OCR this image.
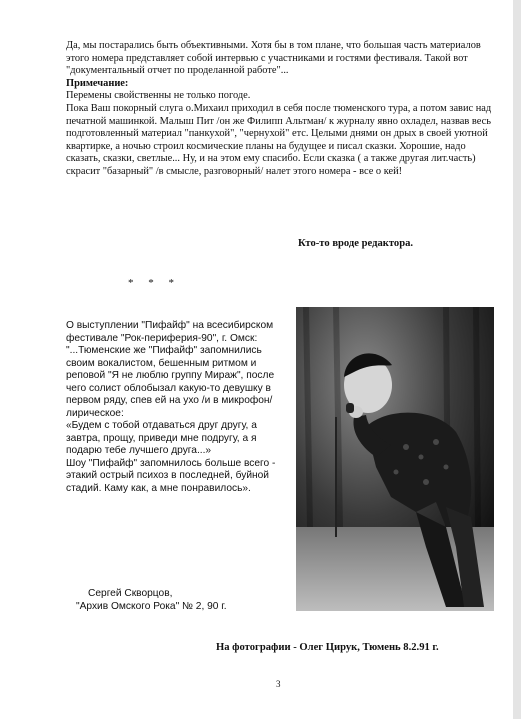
Да, мы постарались быть объективными. Хотя бы в том плане, что большая часть материалов этого номера представляет собой интервью с участниками и гостями фестиваля. Такой вот "документальный отчет по проделанной работе"...

Примечание:

Перемены свойственны не только погоде.

Пока Ваш покорный слуга о.Михаил приходил в себя после тюменского тура, а потом завис над печатной машинкой. Малыш Пит /он же Филипп Альтман/ к журналу явно охладел, назвав весь подготовленный материал "панкухой", "чернухой" етс. Целыми днями он дрых в своей уютной квартирке, а ночью строил космические планы на будущее и писал сказки. Хорошие, надо сказать, сказки, светлые... Ну, и на этом ему спасибо. Если сказка ( а также другая лит.часть) скрасит "базарный" /в смысле, разговорный/ налет этого номера - все о кей!

Кто-то вроде редактора.
* * *

О выступлении "Пифайф" на всесибирском фестивале "Рок-периферия-90", г. Омск:

"...Тюменские же "Пифайф" запомнились своим вокалистом, бешенным ритмом и реповой "Я не люблю группу Мираж", после чего солист облобызал какую-то девушку в первом ряду, спев ей на ухо /и в микрофон/ лирическое:

«Будем с тобой отдаваться друг другу, а завтра, прощу, приведи мне подругу, а я подарю тебе лучшего друга...»

Шоу "Пифайф" запомнилось больше всего - этакий острый психоз в последней, буйной стадий. Каму как, а мне понравилось».

Сергей Скворцов,
"Архив Омского Рока" № 2, 90 г.
На фотографии - Олег Цирук, Тюмень 8.2.91 г.
3
